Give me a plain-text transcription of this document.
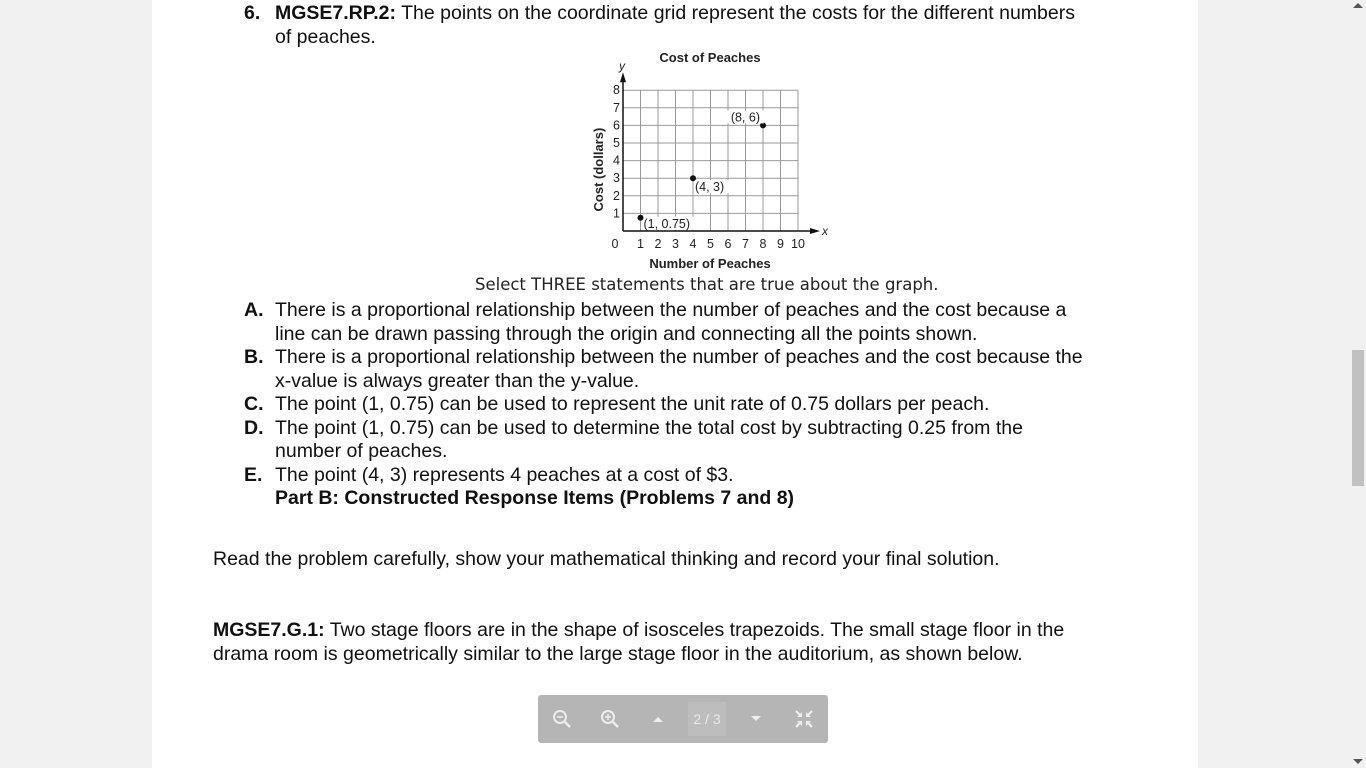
6. MGSE7.RP.2: The points on the coordinate grid represent the costs for the different numbers
of peaches.
Cost of Peaches
y
x
1 2 3 4 5 6 7 8 9 10
0
1
2
3
4
5
6
7
8
Number of Peaches
Cost (dollars)
(1, 0.75)
(4, 3)
(8, 6)
Select THREE statements that are true about the graph.
A. There is a proportional relationship between the number of peaches and the cost because a
line can be drawn passing through the origin and connecting all the points shown.
B. There is a proportional relationship between the number of peaches and the cost because the
x-value is always greater than the y-value.
C. The point (1, 0.75) can be used to represent the unit rate of 0.75 dollars per peach.
D. The point (1, 0.75) can be used to determine the total cost by subtracting 0.25 from the
number of peaches.
E. The point (4, 3) represents 4 peaches at a cost of $3.
Part B: Constructed Response Items (Problems 7 and 8)
Read the problem carefully, show your mathematical thinking and record your final solution.
MGSE7.G.1: Two stage floors are in the shape of isosceles trapezoids. The small stage floor in the
drama room is geometrically similar to the large stage floor in the auditorium, as shown below.
2 / 3
